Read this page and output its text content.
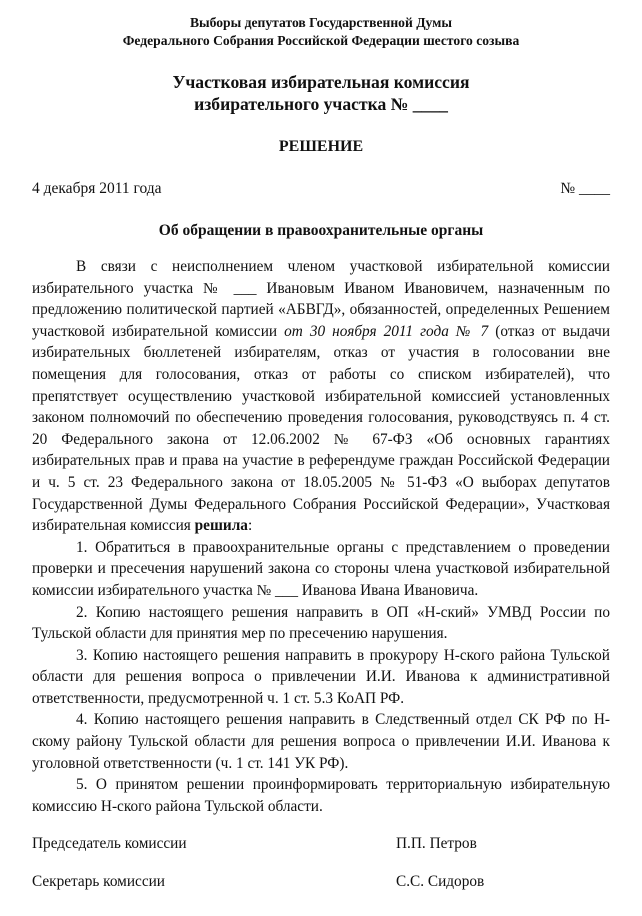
Выборы депутатов Государственной Думы
Федерального Собрания Российской Федерации шестого созыва
Участковая избирательная комиссия
избирательного участка № ____
РЕШЕНИЕ
4 декабря 2011 года	№ ____
Об обращении в правоохранительные органы

В связи с неисполнением членом участковой избирательной комиссии избирательного участка № ___ Ивановым Иваном Ивановичем, назначенным по предложению политической партией «АБВГД», обязанностей, определенных Решением участковой избирательной комиссии от 30 ноября 2011 года № 7 (отказ от выдачи избирательных бюллетеней избирателям, отказ от участия в голосовании вне помещения для голосования, отказ от работы со списком избирателей), что препятствует осуществлению участковой избирательной комиссией установленных законом полномочий по обеспечению проведения голосования, руководствуясь п. 4 ст. 20 Федерального закона от 12.06.2002 № 67-ФЗ «Об основных гарантиях избирательных прав и права на участие в референдуме граждан Российской Федерации и ч. 5 ст. 23 Федерального закона от 18.05.2005 № 51-ФЗ «О выборах депутатов Государственной Думы Федерального Собрания Российской Федерации», Участковая избирательная комиссия решила:

1. Обратиться в правоохранительные органы с представлением о проведении проверки и пресечения нарушений закона со стороны члена участковой избирательной комиссии избирательного участка № ___ Иванова Ивана Ивановича.

2. Копию настоящего решения направить в ОП «Н-ский» УМВД России по Тульской области для принятия мер по пресечению нарушения.

3. Копию настоящего решения направить в прокурору Н-ского района Тульской области для решения вопроса о привлечении И.И. Иванова к административной ответственности, предусмотренной ч. 1 ст. 5.3 КоАП РФ.

4. Копию настоящего решения направить в Следственный отдел СК РФ по Н-скому району Тульской области для решения вопроса о привлечении И.И. Иванова к уголовной ответственности (ч. 1 ст. 141 УК РФ).

5. О принятом решении проинформировать территориальную избирательную комиссию Н-ского района Тульской области.

Председатель комиссии	П.П. Петров
Секретарь комиссии	С.С. Сидоров
